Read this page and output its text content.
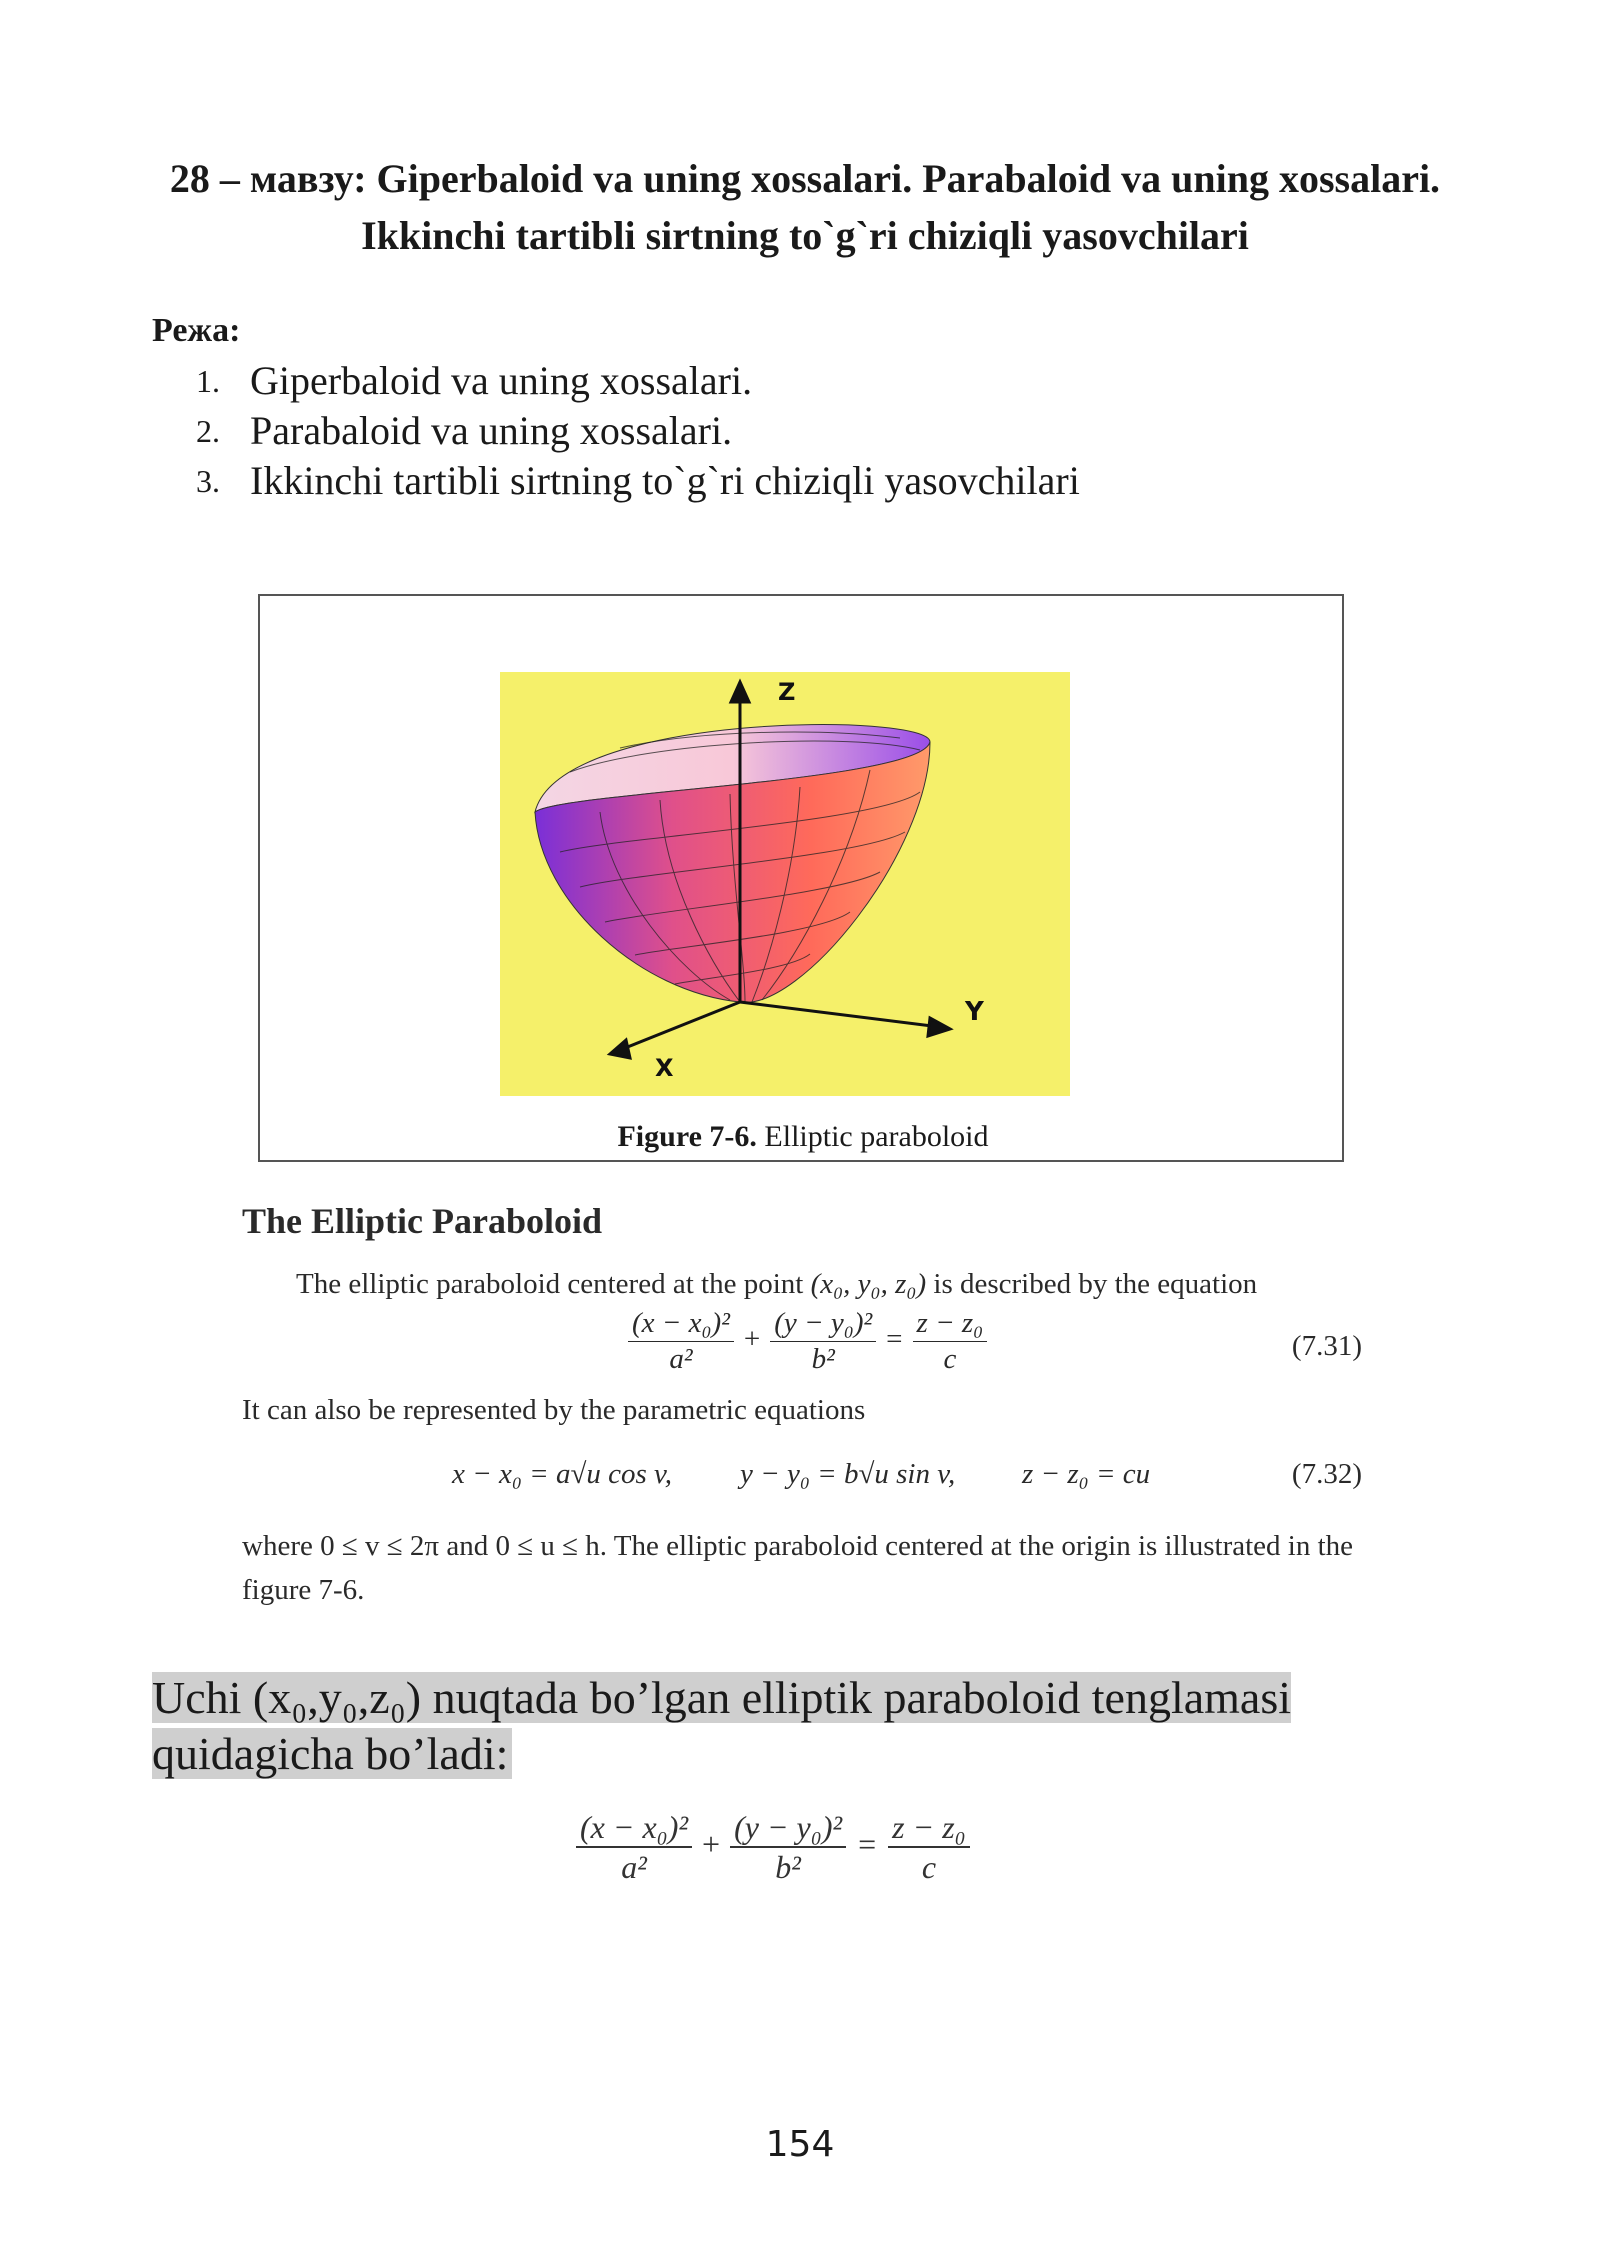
28 – мавзу: Giperbaloid va uning xossalari. Parabaloid va uning xossalari. Ikkinchi tartibli sirtning to`g`ri chiziqli yasovchilari
Режа:
1. Giperbaloid va uning xossalari.
2. Parabaloid va uning xossalari.
3. Ikkinchi tartibli sirtning to`g`ri chiziqli yasovchilari
Z
Y
X
Figure 7-6. Elliptic paraboloid
The Elliptic Paraboloid

The elliptic paraboloid centered at the point (x₀, y₀, z₀) is described by the equation

$\frac{\text{(x − x₀)²}}{\text{a²}} + \frac{\text{(y − y₀)²}}{\text{b²}} = \frac{\text{z − z₀}}{c}$	(7.31)

It can also be represented by the parametric equations

x − x₀ = a√u cos v, y − y₀ = b√u sin v, z − z₀ = cu	(7.32)

where 0 ≤ v ≤ 2π and 0 ≤ u ≤ h. The elliptic paraboloid centered at the origin is illustrated in the figure 7-6.

Uchi (x₀,y₀,z₀) nuqtada bo’lgan elliptik paraboloid tenglamasi quidagicha bo’ladi:
$\frac{\text{(x − x₀)²}}{\text{a²}} + \frac{\text{(y − y₀)²}}{\text{b²}} = \frac{\text{z − z₀}}{c}$
154
